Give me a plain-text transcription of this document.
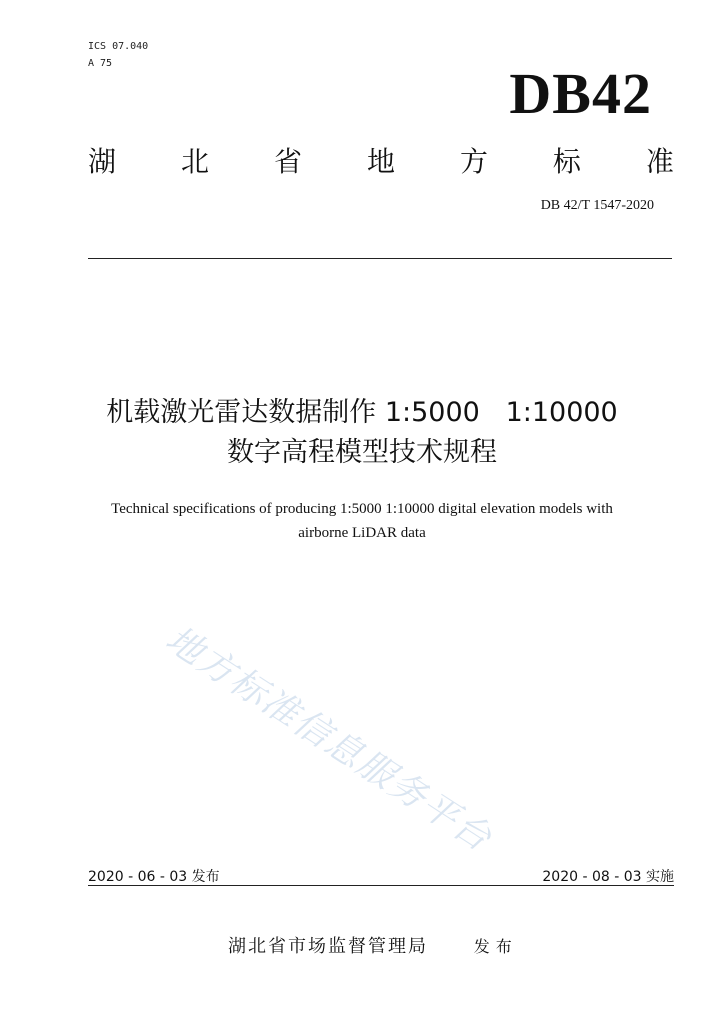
ICS 07.040
A 75	DB42
湖 北 省 地 方 标 准
DB 42/T 1547-2020
机载激光雷达数据制作 1:5000   1:10000
数字高程模型技术规程
Technical specifications of producing 1:5000 1:10000 digital elevation models with
airborne LiDAR data
地方标准信息服务平台
2020 - 06 - 03 发布	2020 - 08 - 03 实施
湖北省市场监督管理局	发布
